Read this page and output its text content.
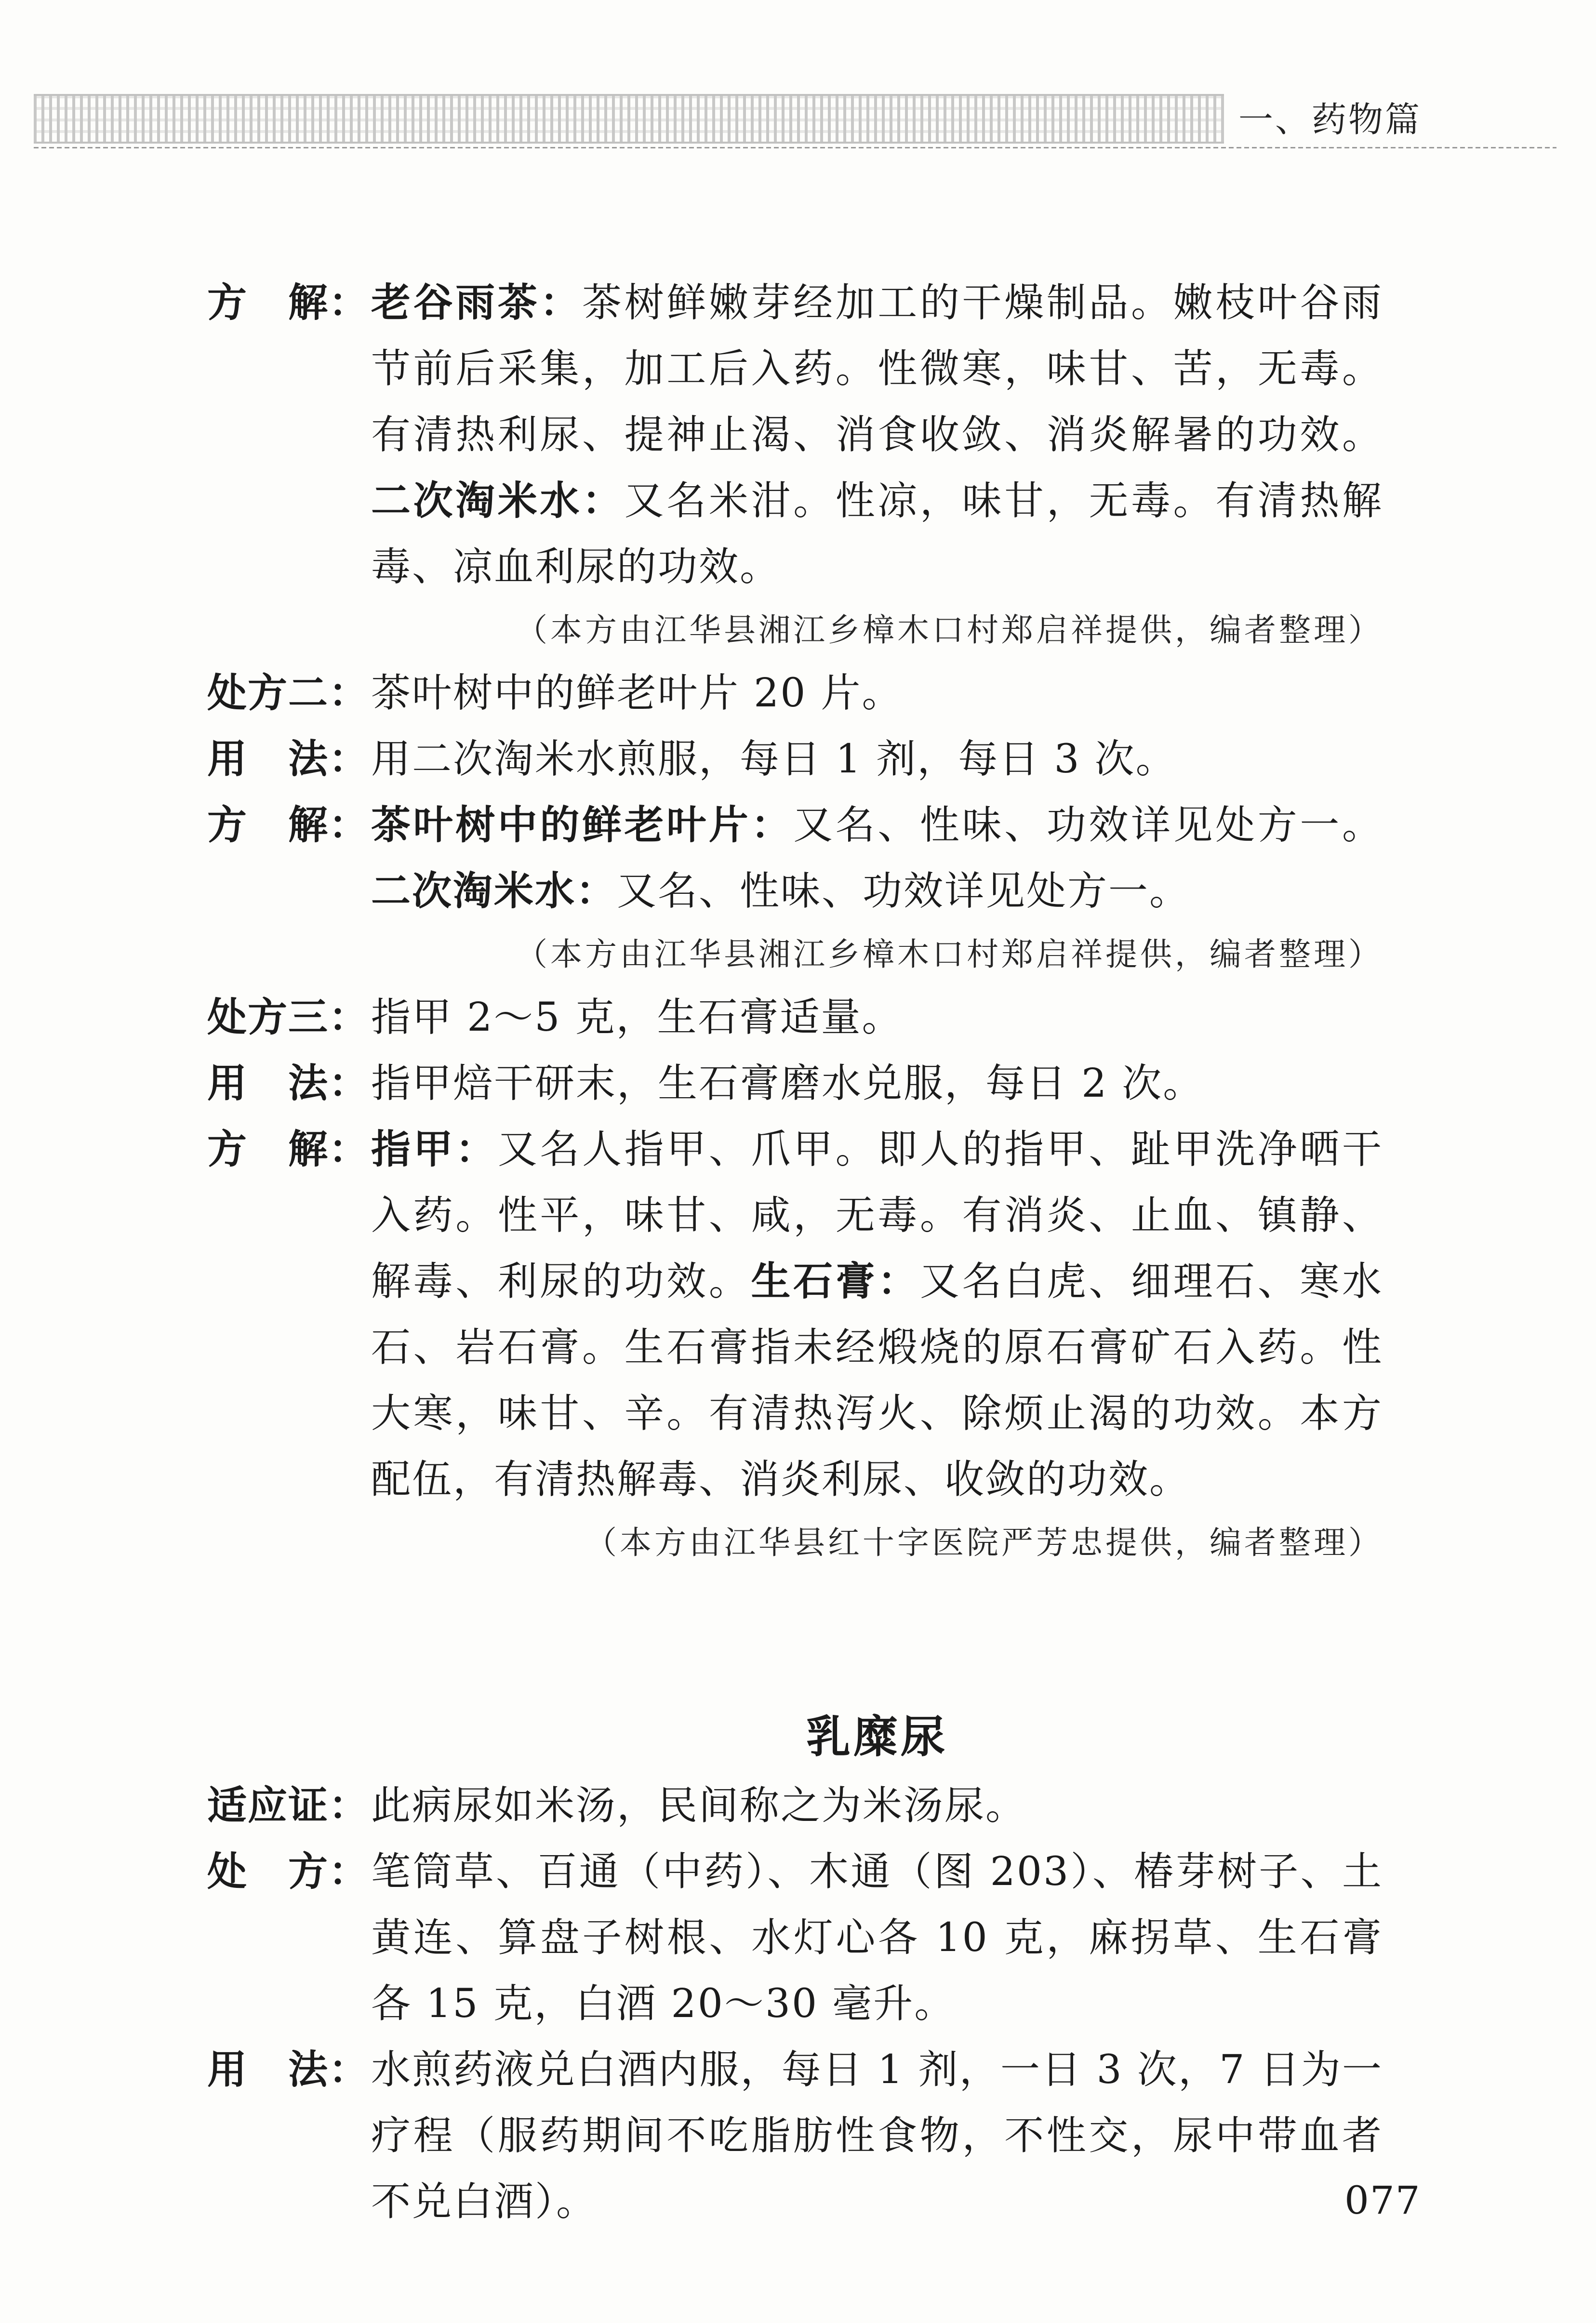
一、药物篇
方　解： 老谷雨茶：茶树鲜嫩芽经加工的干燥制品。嫩枝叶谷雨节前后采集，加工后入药。性微寒，味甘、苦，无毒。有清热利尿、提神止渴、消食收敛、消炎解暑的功效。二次淘米水：又名米泔。性凉，味甘，无毒。有清热解毒、凉血利尿的功效。
（本方由江华县湘江乡樟木口村郑启祥提供，编者整理）
处方二： 茶叶树中的鲜老叶片 20 片。
用　法： 用二次淘米水煎服，每日 1 剂，每日 3 次。
方　解： 茶叶树中的鲜老叶片：又名、性味、功效详见处方一。二次淘米水：又名、性味、功效详见处方一。
（本方由江华县湘江乡樟木口村郑启祥提供，编者整理）
处方三： 指甲 2～5 克，生石膏适量。
用　法： 指甲焙干研末，生石膏磨水兑服，每日 2 次。
方　解： 指甲：又名人指甲、爪甲。即人的指甲、趾甲洗净晒干入药。性平，味甘、咸，无毒。有消炎、止血、镇静、解毒、利尿的功效。生石膏：又名白虎、细理石、寒水石、岩石膏。生石膏指未经煅烧的原石膏矿石入药。性大寒，味甘、辛。有清热泻火、除烦止渴的功效。本方配伍，有清热解毒、消炎利尿、收敛的功效。
（本方由江华县红十字医院严芳忠提供，编者整理）
乳糜尿
适应证： 此病尿如米汤，民间称之为米汤尿。
处　方： 笔筒草、百通（中药）、木通（图 203）、椿芽树子、土黄连、算盘子树根、水灯心各 10 克，麻拐草、生石膏各 15 克，白酒 20～30 毫升。
用　法： 水煎药液兑白酒内服，每日 1 剂，一日 3 次，7 日为一疗程（服药期间不吃脂肪性食物，不性交，尿中带血者不兑白酒）。	077
